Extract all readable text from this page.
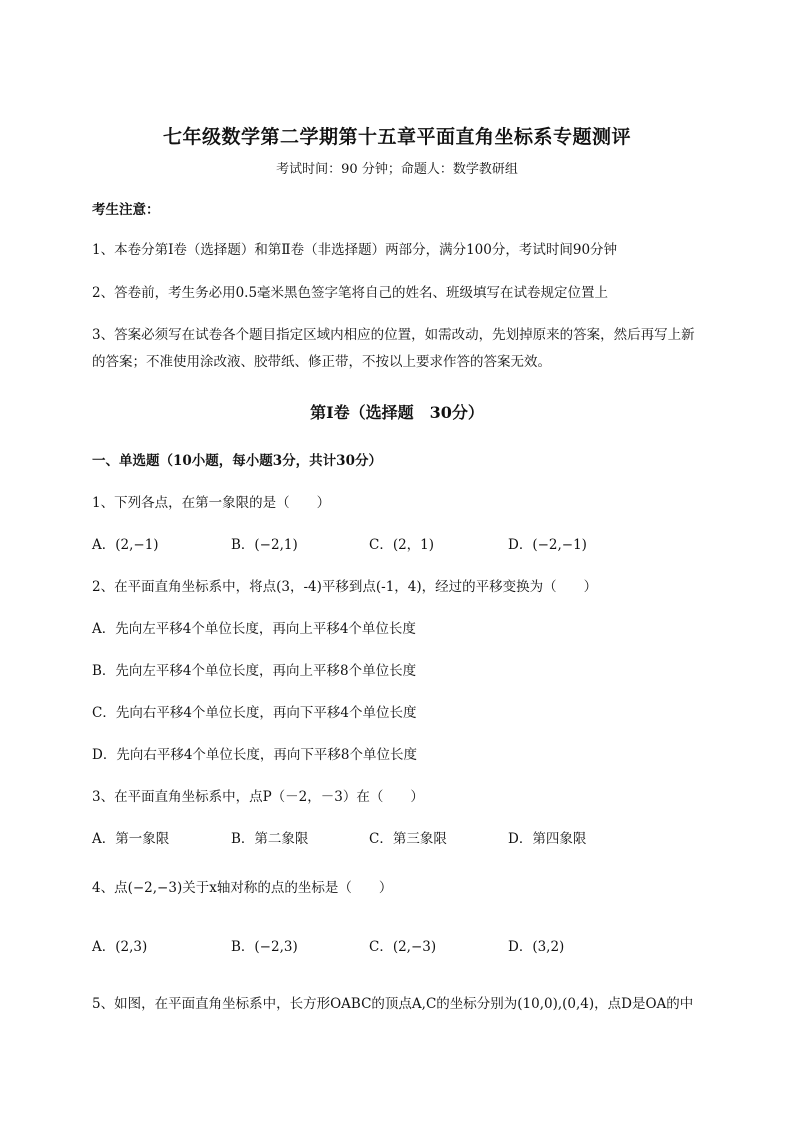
七年级数学第二学期第十五章平面直角坐标系专题测评
考试时间：90 分钟；命题人：数学教研组
考生注意：
1、本卷分第Ⅰ卷（选择题）和第Ⅱ卷（非选择题）两部分，满分100分，考试时间90分钟
2、答卷前，考生务必用0.5毫米黑色签字笔将自己的姓名、班级填写在试卷规定位置上
3、答案必须写在试卷各个题目指定区域内相应的位置，如需改动，先划掉原来的答案，然后再写上新
的答案；不准使用涂改液、胶带纸、修正带，不按以上要求作答的答案无效。
第Ⅰ卷（选择题　30分）
一、单选题（10小题，每小题3分，共计30分）
1、下列各点，在第一象限的是（　　）
A．(2,−1)	B．(−2,1)	C．(2，1)	D．(−2,−1)
2、在平面直角坐标系中，将点(3，-4)平移到点(-1，4)，经过的平移变换为（　　）
A．先向左平移4个单位长度，再向上平移4个单位长度
B．先向左平移4个单位长度，再向上平移8个单位长度
C．先向右平移4个单位长度，再向下平移4个单位长度
D．先向右平移4个单位长度，再向下平移8个单位长度
3、在平面直角坐标系中，点P（－2，－3）在（　　）
A．第一象限	B．第二象限	C．第三象限	D．第四象限
4、点(−2,−3)关于x轴对称的点的坐标是（　　）
A．(2,3)	B．(−2,3)	C．(2,−3)	D．(3,2)
5、如图，在平面直角坐标系中，长方形OABC的顶点A,C的坐标分别为(10,0),(0,4)，点D是OA的中
